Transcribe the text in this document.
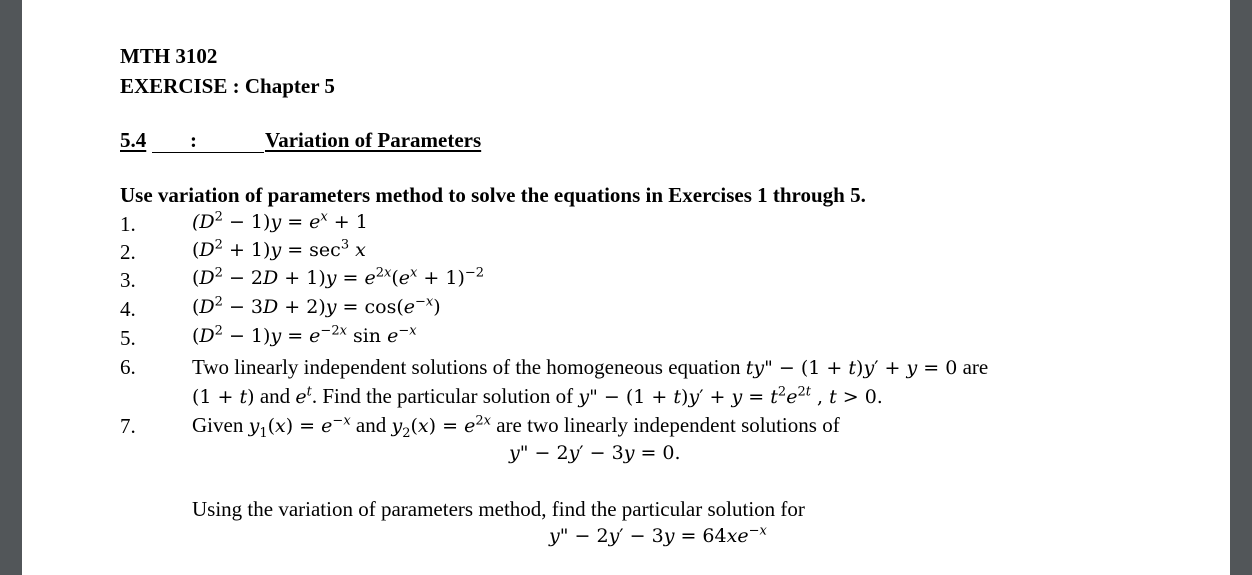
MTH 3102
EXERCISE : Chapter 5
5.4 :	Variation of Parameters
Use variation of parameters method to solve the equations in Exercises 1 through 5.
1.	$(D^2 - 1)y = e^x + 1$
2.	$(D^2 + 1)y = \sec^3 x$
3.	$(D^2 - 2D + 1)y = e^{2x}(e^x + 1)^{-2}$
4.	$(D^2 - 3D + 2)y = \cos(e^{-x})$
5.	$(D^2 - 1)y = e^{-2x}$ $\sin e^{-x}$
6.	Two linearly independent solutions of the homogeneous equation ty" − (1 + t)y′ + y = 0 are
(1 + t) and $e^t$. Find the particular solution of y" − $(1 + t)y' + y = t^2e^{2t}$ , t > 0.
7.	Given $y_1(x) = e^{-x}$ and $y_2(x) = e^{2x}$ are two linearly independent solutions of
y" − 2y′ − 3y = 0.
Using the variation of parameters method, find the particular solution for
y" − $2y' - 3y = 64xe^{-x}$
